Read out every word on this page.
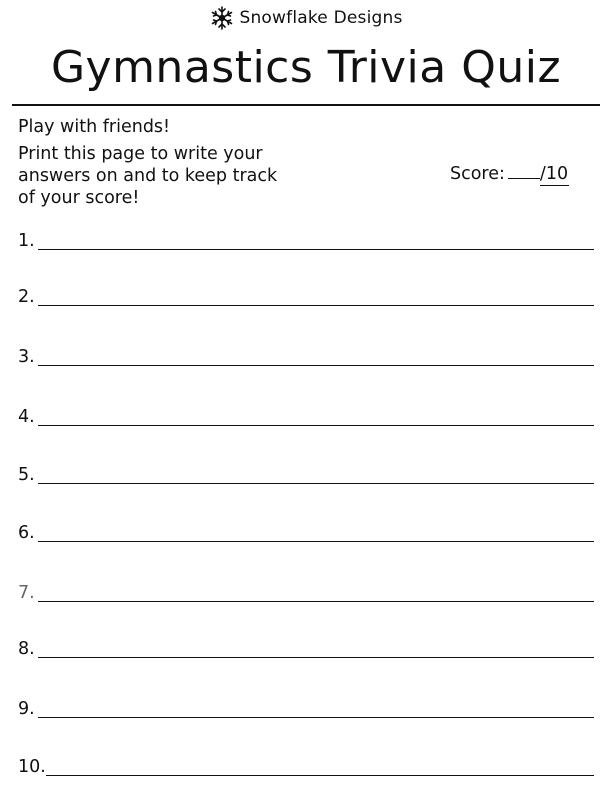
Snowflake Designs
Gymnastics Trivia Quiz
Play with friends!
Print this page to write your
answers on and to keep track
of your score!
Score: /10
1.
2.
3.
4.
5.
6.
7.
8.
9.
10.
